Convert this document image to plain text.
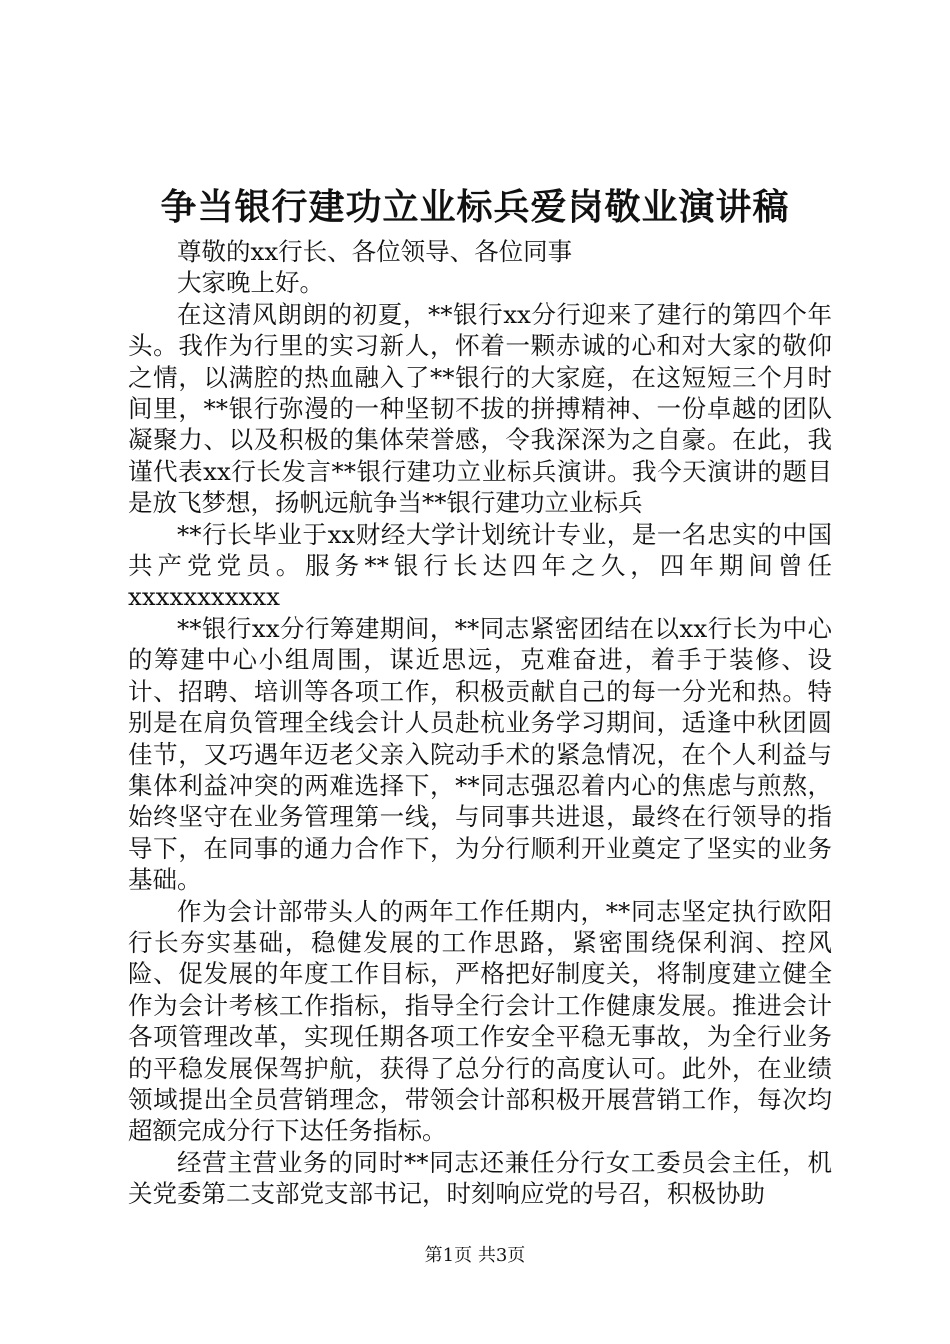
争当银行建功立业标兵爱岗敬业演讲稿

尊敬的xx行长、各位领导、各位同事

大家晚上好。

在这清风朗朗的初夏，**银行xx分行迎来了建行的第四个年头。我作为行里的实习新人，怀着一颗赤诚的心和对大家的敬仰之情，以满腔的热血融入了**银行的大家庭，在这短短三个月时间里，**银行弥漫的一种坚韧不拔的拼搏精神、一份卓越的团队凝聚力、以及积极的集体荣誉感，令我深深为之自豪。在此，我谨代表xx行长发言**银行建功立业标兵演讲。我今天演讲的题目是放飞梦想，扬帆远航争当**银行建功立业标兵

**行长毕业于xx财经大学计划统计专业，是一名忠实的中国共产党党员。服务**银行长达四年之久，四年期间曾任xxxxxxxxxxx

**银行xx分行筹建期间，**同志紧密团结在以xx行长为中心的筹建中心小组周围，谋近思远，克难奋进，着手于装修、设计、招聘、培训等各项工作，积极贡献自己的每一分光和热。特别是在肩负管理全线会计人员赴杭业务学习期间，适逢中秋团圆佳节，又巧遇年迈老父亲入院动手术的紧急情况，在个人利益与集体利益冲突的两难选择下，**同志强忍着内心的焦虑与煎熬，始终坚守在业务管理第一线，与同事共进退，最终在行领导的指导下，在同事的通力合作下，为分行顺利开业奠定了坚实的业务基础。

作为会计部带头人的两年工作任期内，**同志坚定执行欧阳行长夯实基础，稳健发展的工作思路，紧密围绕保利润、控风险、促发展的年度工作目标，严格把好制度关，将制度建立健全作为会计考核工作指标，指导全行会计工作健康发展。推进会计各项管理改革，实现任期各项工作安全平稳无事故，为全行业务的平稳发展保驾护航，获得了总分行的高度认可。此外，在业绩领域提出全员营销理念，带领会计部积极开展营销工作，每次均超额完成分行下达任务指标。

经营主营业务的同时**同志还兼任分行女工委员会主任，机关党委第二支部党支部书记，时刻响应党的号召，积极协助

第1页 共3页
